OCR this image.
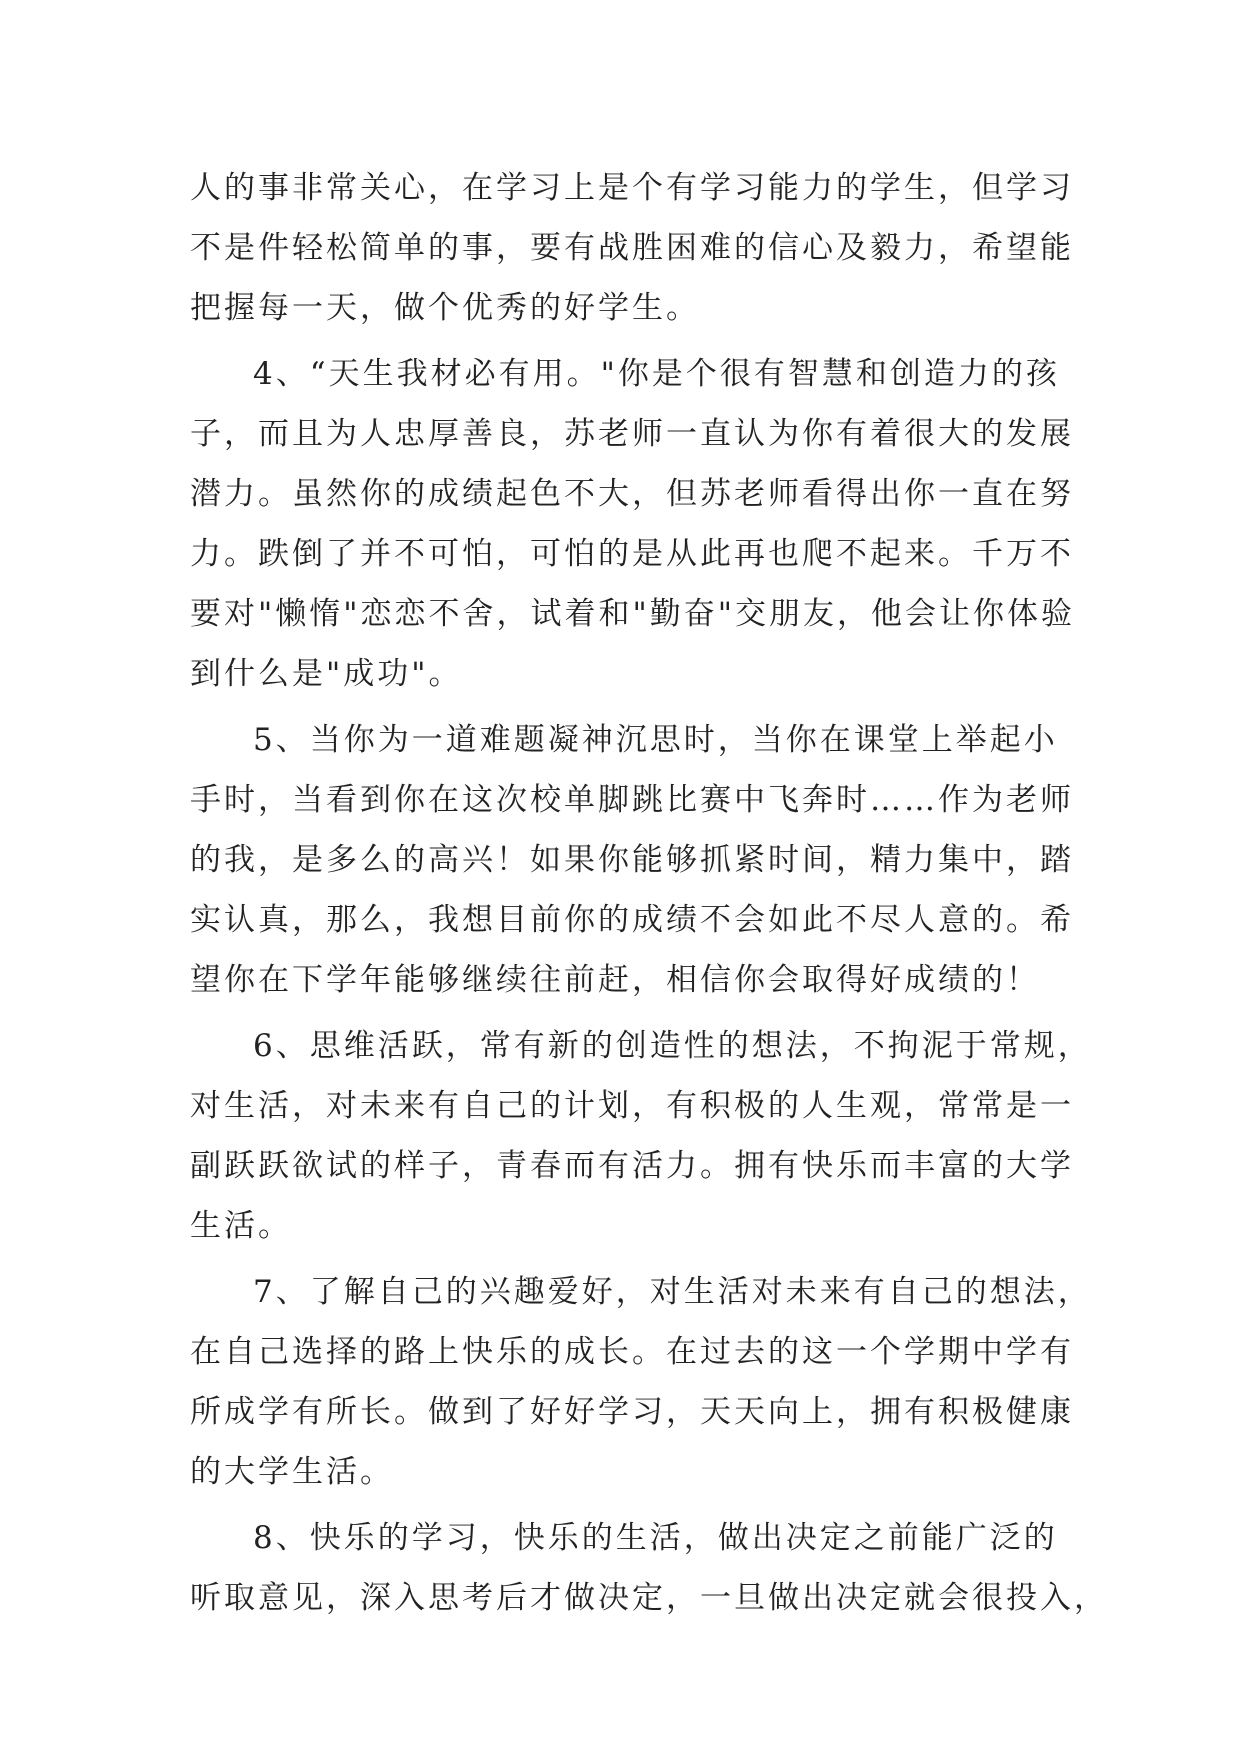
人的事非常关心，在学习上是个有学习能力的学生，但学习

不是件轻松简单的事，要有战胜困难的信心及毅力，希望能

把握每一天，做个优秀的好学生。

4、“天生我材必有用。"你是个很有智慧和创造力的孩

子，而且为人忠厚善良，苏老师一直认为你有着很大的发展

潜力。虽然你的成绩起色不大，但苏老师看得出你一直在努

力。跌倒了并不可怕，可怕的是从此再也爬不起来。千万不

要对"懒惰"恋恋不舍，试着和"勤奋"交朋友，他会让你体验

到什么是"成功"。

5、当你为一道难题凝神沉思时，当你在课堂上举起小

手时，当看到你在这次校单脚跳比赛中飞奔时……作为老师

的我，是多么的高兴！如果你能够抓紧时间，精力集中，踏

实认真，那么，我想目前你的成绩不会如此不尽人意的。希

望你在下学年能够继续往前赶，相信你会取得好成绩的！

6、思维活跃，常有新的创造性的想法，不拘泥于常规，

对生活，对未来有自己的计划，有积极的人生观，常常是一

副跃跃欲试的样子，青春而有活力。拥有快乐而丰富的大学

生活。

7、了解自己的兴趣爱好，对生活对未来有自己的想法，

在自己选择的路上快乐的成长。在过去的这一个学期中学有

所成学有所长。做到了好好学习，天天向上，拥有积极健康

的大学生活。

8、快乐的学习，快乐的生活，做出决定之前能广泛的

听取意见，深入思考后才做决定，一旦做出决定就会很投入，
